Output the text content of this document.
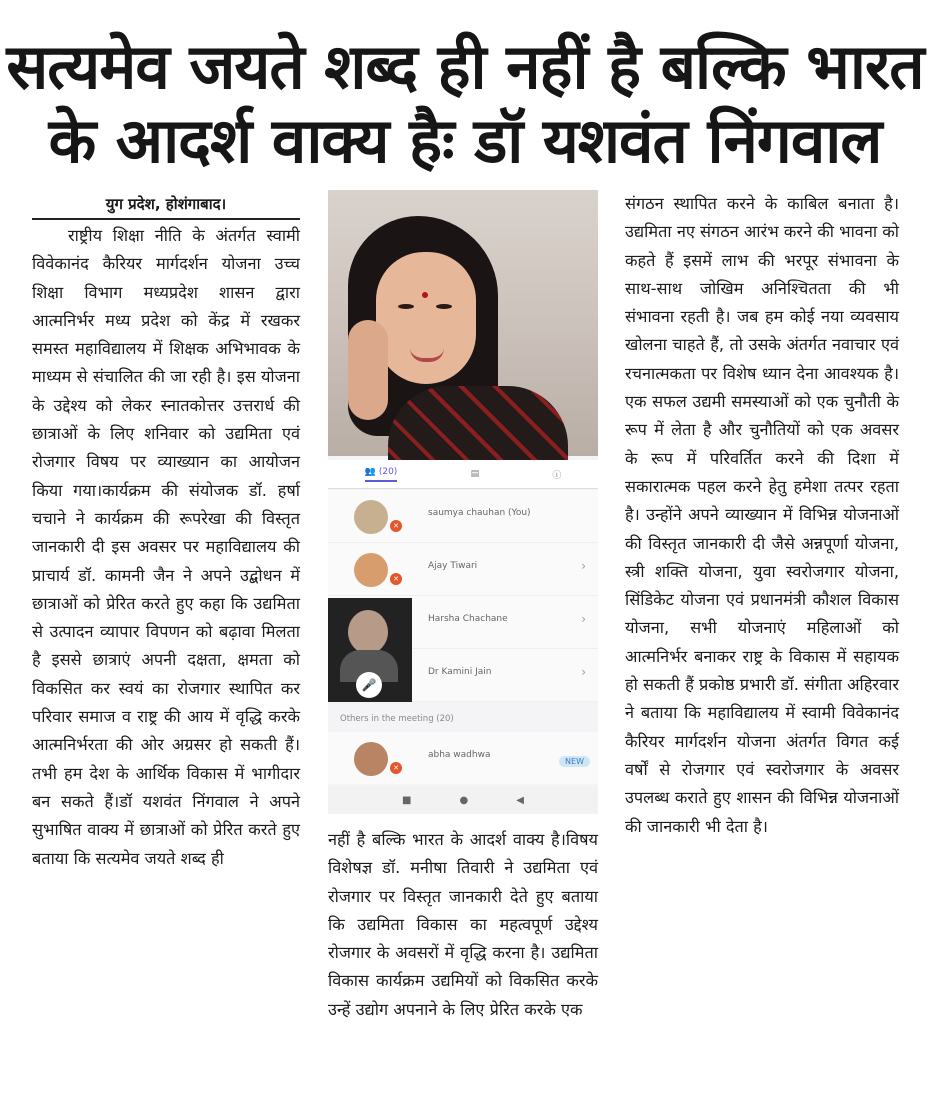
सत्यमेव जयते शब्द ही नहीं है बल्कि भारत
के आदर्श वाक्य हैः डॉ यशवंत निंगवाल
युग प्रदेश, होशंगाबाद।
राष्ट्रीय शिक्षा नीति के अंतर्गत स्वामी विवेकानंद कैरियर मार्गदर्शन योजना उच्च शिक्षा विभाग मध्यप्रदेश शासन द्वारा आत्मनिर्भर मध्य प्रदेश को केंद्र में रखकर समस्त महाविद्यालय में शिक्षक अभिभावक के माध्यम से संचालित की जा रही है। इस योजना के उद्देश्य को लेकर स्नातकोत्तर उत्तरार्ध की छात्राओं के लिए शनिवार को उद्यमिता एवं रोजगार विषय पर व्याख्यान का आयोजन किया गया।कार्यक्रम की संयोजक डॉ. हर्षा चचाने ने कार्यक्रम की रूपरेखा की विस्तृत जानकारी दी इस अवसर पर महाविद्यालय की प्राचार्य डॉ. कामनी जैन ने अपने उद्बोधन में छात्राओं को प्रेरित करते हुए कहा कि उद्यमिता से उत्पादन व्यापार विपणन को बढ़ावा मिलता है इससे छात्राएं अपनी दक्षता, क्षमता को विकसित कर स्वयं का रोजगार स्थापित कर परिवार समाज व राष्ट्र की आय में वृद्धि करके आत्मनिर्भरता की ओर अग्रसर हो सकती हैं। तभी हम देश के आर्थिक विकास में भागीदार बन सकते हैं।डॉ यशवंत निंगवाल ने अपने सुभाषित वाक्य में छात्राओं को प्रेरित करते हुए बताया कि सत्यमेव जयते शब्द ही
👥 (20)	▤	ⓘ
✕
saumya chauhan (You)
✕
Ajay Tiwari	›
Harsha Chachane	›
Dr Kamini Jain	›
🎤
Others in the meeting (20)
✕
abha wadhwa
NEW
■	●	◀
नहीं है बल्कि भारत के आदर्श वाक्य है।विषय विशेषज्ञ डॉ. मनीषा तिवारी ने उद्यमिता एवं रोजगार पर विस्तृत जानकारी देते हुए बताया कि उद्यमिता विकास का महत्वपूर्ण उद्देश्य रोजगार के अवसरों में वृद्धि करना है। उद्यमिता विकास कार्यक्रम उद्यमियों को विकसित करके उन्हें उद्योग अपनाने के लिए प्रेरित करके एक
संगठन स्थापित करने के काबिल बनाता है। उद्यमिता नए संगठन आरंभ करने की भावना को कहते हैं इसमें लाभ की भरपूर संभावना के साथ-साथ जोखिम अनिश्चितता की भी संभावना रहती है। जब हम कोई नया व्यवसाय खोलना चाहते हैं, तो उसके अंतर्गत नवाचार एवं रचनात्मकता पर विशेष ध्यान देना आवश्यक है। एक सफल उद्यमी समस्याओं को एक चुनौती के रूप में लेता है और चुनौतियों को एक अवसर के रूप में परिवर्तित करने की दिशा में सकारात्मक पहल करने हेतु हमेशा तत्पर रहता है। उन्होंने अपने व्याख्यान में विभिन्न योजनाओं की विस्तृत जानकारी दी जैसे अन्नपूर्णा योजना, स्त्री शक्ति योजना, युवा स्वरोजगार योजना, सिंडिकेट योजना एवं प्रधानमंत्री कौशल विकास योजना, सभी योजनाएं महिलाओं को आत्मनिर्भर बनाकर राष्ट्र के विकास में सहायक हो सकती हैं प्रकोष्ठ प्रभारी डॉ. संगीता अहिरवार ने बताया कि महाविद्यालय में स्वामी विवेकानंद कैरियर मार्गदर्शन योजना अंतर्गत विगत कई वर्षों से रोजगार एवं स्वरोजगार के अवसर उपलब्ध कराते हुए शासन की विभिन्न योजनाओं की जानकारी भी देता है।
